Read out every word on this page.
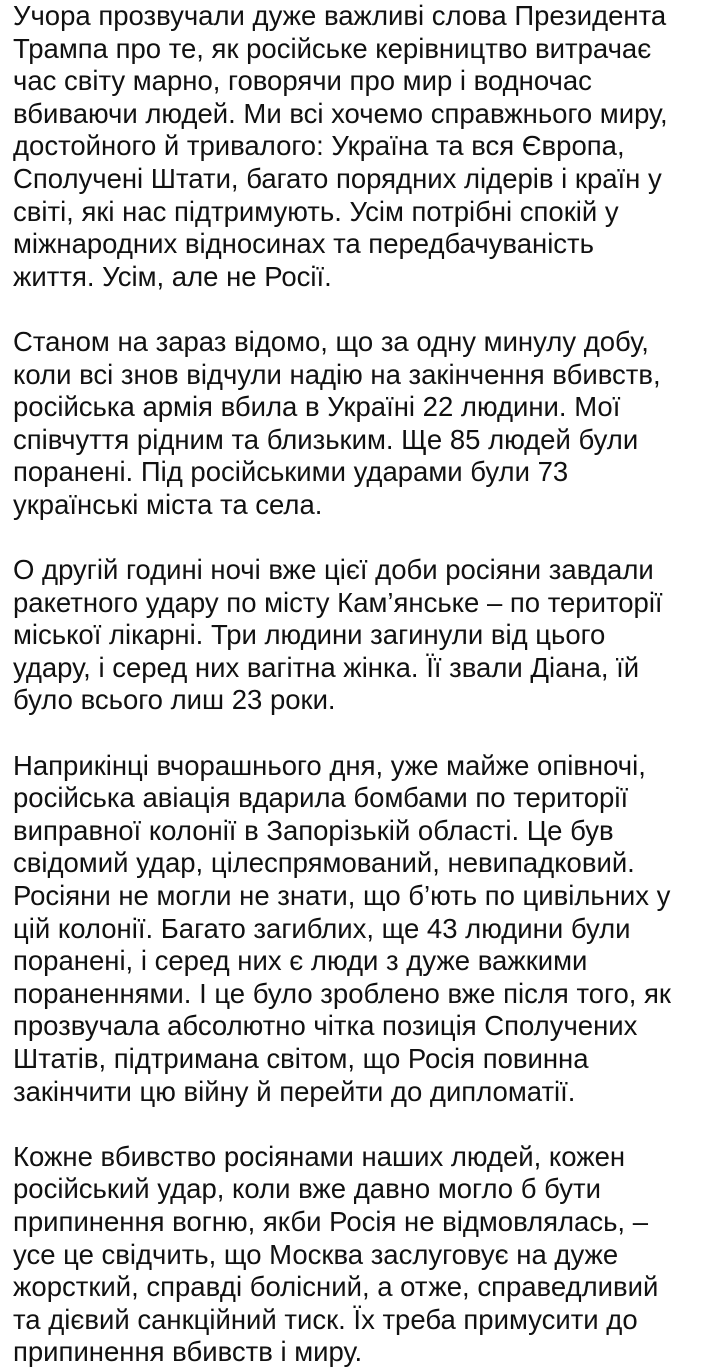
Учора прозвучали дуже важливі слова Президента
Трампа про те, як російське керівництво витрачає
час світу марно, говорячи про мир і водночас
вбиваючи людей. Ми всі хочемо справжнього миру,
достойного й тривалого: Україна та вся Європа,
Сполучені Штати, багато порядних лідерів і країн у
світі, які нас підтримують. Усім потрібні спокій у
міжнародних відносинах та передбачуваність
життя. Усім, але не Росії.
Станом на зараз відомо, що за одну минулу добу,
коли всі знов відчули надію на закінчення вбивств,
російська армія вбила в Україні 22 людини. Мої
співчуття рідним та близьким. Ще 85 людей були
поранені. Під російськими ударами були 73
українські міста та села.
О другій годині ночі вже цієї доби росіяни завдали
ракетного удару по місту Кам’янське – по території
міської лікарні. Три людини загинули від цього
удару, і серед них вагітна жінка. Її звали Діана, їй
було всього лиш 23 роки.
Наприкінці вчорашнього дня, уже майже опівночі,
російська авіація вдарила бомбами по території
виправної колонії в Запорізькій області. Це був
свідомий удар, цілеспрямований, невипадковий.
Росіяни не могли не знати, що б’ють по цивільних у
цій колонії. Багато загиблих, ще 43 людини були
поранені, і серед них є люди з дуже важкими
пораненнями. І це було зроблено вже після того, як
прозвучала абсолютно чітка позиція Сполучених
Штатів, підтримана світом, що Росія повинна
закінчити цю війну й перейти до дипломатії.
Кожне вбивство росіянами наших людей, кожен
російський удар, коли вже давно могло б бути
припинення вогню, якби Росія не відмовлялась, –
усе це свідчить, що Москва заслуговує на дуже
жорсткий, справді болісний, а отже, справедливий
та дієвий санкційний тиск. Їх треба примусити до
припинення вбивств і миру.
